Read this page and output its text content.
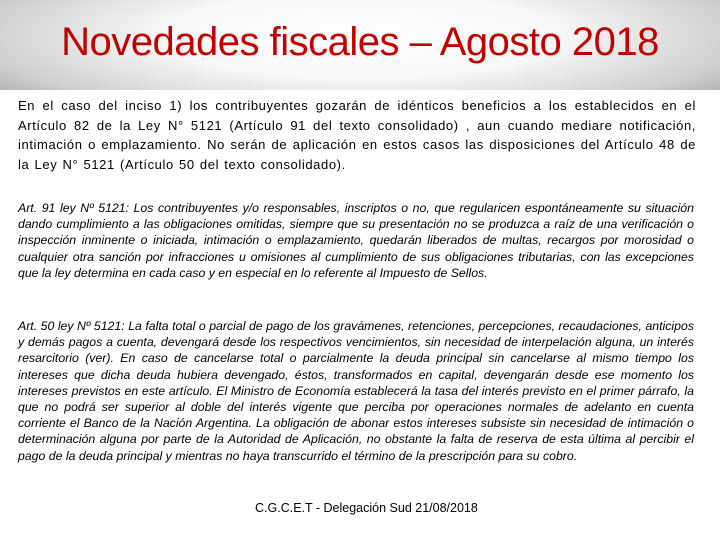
Novedades fiscales – Agosto 2018
En el caso del inciso 1) los contribuyentes gozarán de idénticos beneficios a los establecidos en el Artículo 82 de la Ley N° 5121 (Artículo 91 del texto consolidado) , aun cuando mediare notificación, intimación o emplazamiento. No serán de aplicación en estos casos las disposiciones del Artículo 48 de la Ley N° 5121 (Artículo 50 del texto consolidado).
Art. 91 ley Nº 5121: Los contribuyentes y/o responsables, inscriptos o no, que regularicen espontáneamente su situación dando cumplimiento a las obligaciones omitidas, siempre que su presentación no se produzca a raíz de una verificación o inspección inminente o iniciada, intimación o emplazamiento, quedarán liberados de multas, recargos por morosidad o cualquier otra sanción por infracciones u omisiones al cumplimiento de sus obligaciones tributarias, con las excepciones que la ley determina en cada caso y en especial en lo referente al Impuesto de Sellos.
Art. 50 ley Nº 5121: La falta total o parcial de pago de los gravámenes, retenciones, percepciones, recaudaciones, anticipos y demás pagos a cuenta, devengará desde los respectivos vencimientos, sin necesidad de interpelación alguna, un interés resarcitorio (ver). En caso de cancelarse total o parcialmente la deuda principal sin cancelarse al mismo tiempo los intereses que dicha deuda hubiera devengado, éstos, transformados en capital, devengarán desde ese momento los intereses previstos en este artículo. El Ministro de Economía establecerá la tasa del interés previsto en el primer párrafo, la que no podrá ser superior al doble del interés vigente que perciba por operaciones normales de adelanto en cuenta corriente el Banco de la Nación Argentina. La obligación de abonar estos intereses subsiste sin necesidad de intimación o determinación alguna por parte de la Autoridad de Aplicación, no obstante la falta de reserva de esta última al percibir el pago de la deuda principal y mientras no haya transcurrido el término de la prescripción para su cobro.
C.G.C.E.T - Delegación Sud 21/08/2018
